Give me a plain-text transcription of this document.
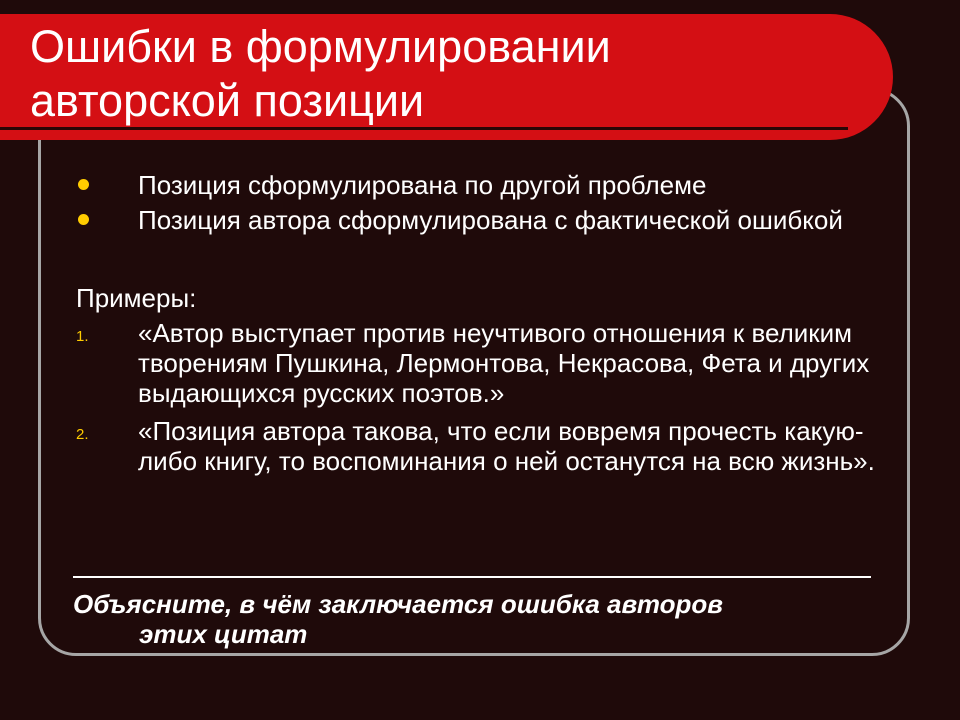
Ошибки в формулировании
авторской позиции
Позиция сформулирована по другой проблеме
Позиция автора сформулирована с фактической ошибкой
Примеры:
1. «Автор выступает против неучтивого отношения к великим творениям Пушкина, Лермонтова, Некрасова, Фета и других выдающихся русских поэтов.»
2. «Позиция автора такова, что если вовремя прочесть какую-либо книгу, то воспоминания о ней останутся на всю жизнь».
Объясните, в чём заключается ошибка авторов
этих цитат
